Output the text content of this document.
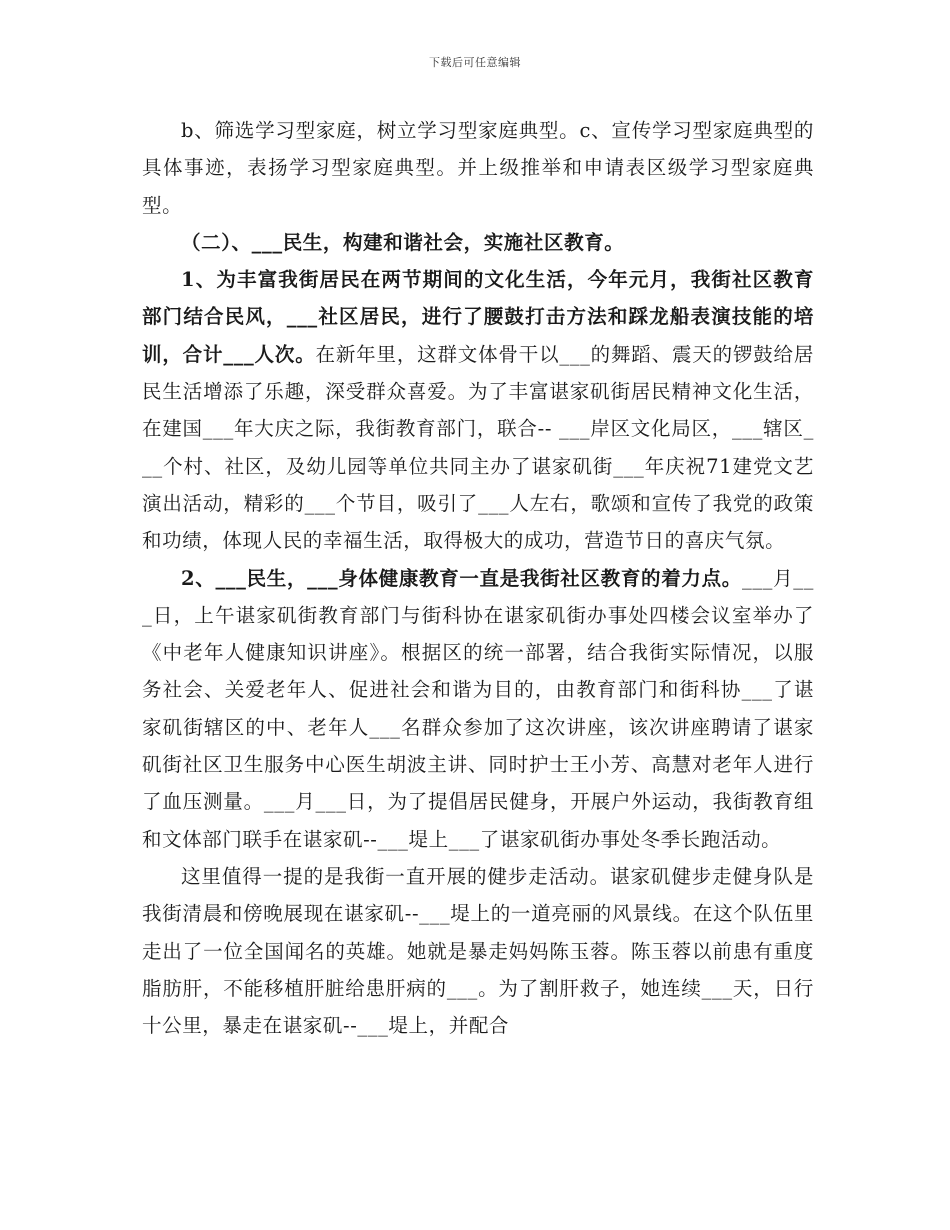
下载后可任意编辑

b、筛选学习型家庭，树立学习型家庭典型。c、宣传学习型家庭典型的具体事迹，表扬学习型家庭典型。并上级推举和申请表区级学习型家庭典型。

（二）、___民生，构建和谐社会，实施社区教育。

1、为丰富我街居民在两节期间的文化生活，今年元月，我街社区教育部门结合民风，___社区居民，进行了腰鼓打击方法和踩龙船表演技能的培训，合计___人次。在新年里，这群文体骨干以___的舞蹈、震天的锣鼓给居民生活增添了乐趣，深受群众喜爱。为了丰富谌家矶街居民精神文化生活，在建国___年大庆之际，我街教育部门，联合-- ___岸区文化局区，___辖区___个村、社区，及幼儿园等单位共同主办了谌家矶街___年庆祝71建党文艺演出活动，精彩的___个节目，吸引了___人左右，歌颂和宣传了我党的政策和功绩，体现人民的幸福生活，取得极大的成功，营造节日的喜庆气氛。

2、___民生，___身体健康教育一直是我街社区教育的着力点。___月___日，上午谌家矶街教育部门与街科协在谌家矶街办事处四楼会议室举办了《中老年人健康知识讲座》。根据区的统一部署，结合我街实际情况，以服务社会、关爱老年人、促进社会和谐为目的，由教育部门和街科协___了谌家矶街辖区的中、老年人___名群众参加了这次讲座，该次讲座聘请了谌家矶街社区卫生服务中心医生胡波主讲、同时护士王小芳、高慧对老年人进行了血压测量。___月___日，为了提倡居民健身，开展户外运动，我街教育组和文体部门联手在谌家矶--___堤上___了谌家矶街办事处冬季长跑活动。

这里值得一提的是我街一直开展的健步走活动。谌家矶健步走健身队是我街清晨和傍晚展现在谌家矶--___堤上的一道亮丽的风景线。在这个队伍里走出了一位全国闻名的英雄。她就是暴走妈妈陈玉蓉。陈玉蓉以前患有重度脂肪肝，不能移植肝脏给患肝病的___。为了割肝救子，她连续___天，日行十公里，暴走在谌家矶--___堤上，并配合
